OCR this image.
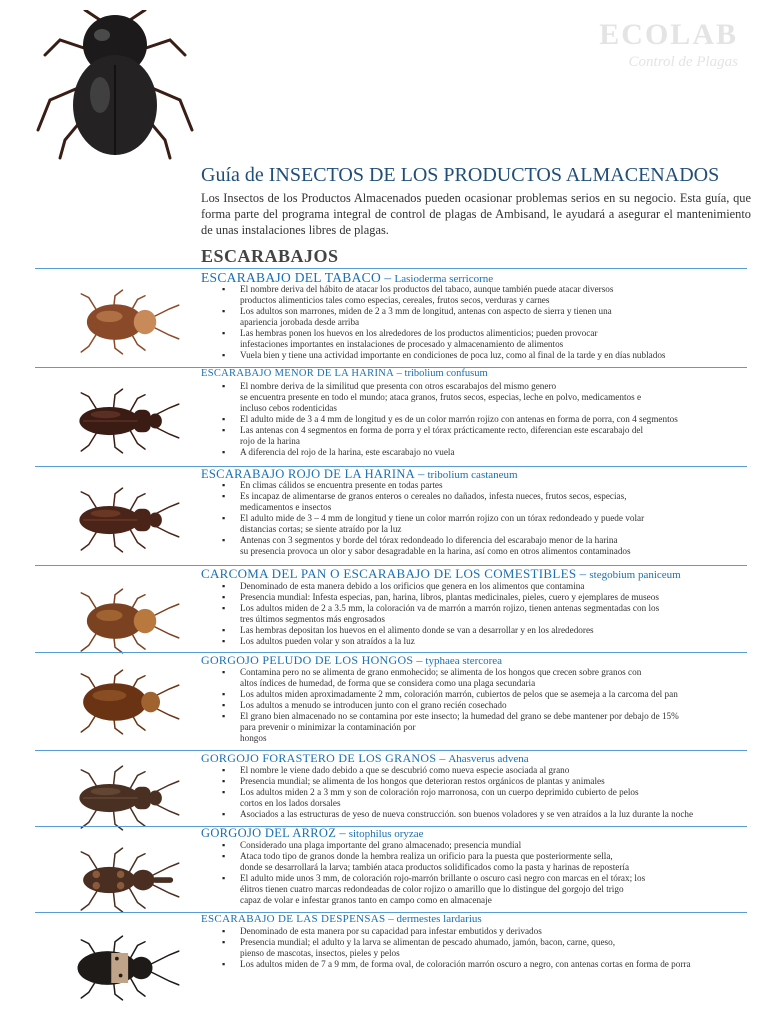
ECOLAB
Control de Plagas
Guía de INSECTOS DE LOS PRODUCTOS ALMACENADOS
Los Insectos de los Productos Almacenados pueden ocasionar problemas serios en su negocio. Esta guía, que forma parte del programa integral de control de plagas de Ambisand, le ayudará a asegurar el mantenimiento de unas instalaciones libres de plagas.
ESCARABAJOS
ESCARABAJO DEL TABACO – Lasioderma serricorne
▪ El nombre deriva del hábito de atacar los productos del tabaco, aunque también puede atacar diversos
productos alimenticios tales como especias, cereales, frutos secos, verduras y carnes
▪ Los adultos son marrones, miden de 2 a 3 mm de longitud, antenas con aspecto de sierra y tienen una
apariencia jorobada desde arriba
▪ Las hembras ponen los huevos en los alrededores de los productos alimenticios; pueden provocar
infestaciones importantes en instalaciones de procesado y almacenamiento de alimentos
▪ Vuela bien y tiene una actividad importante en condiciones de poca luz, como al final de la tarde y en días nublados
ESCARABAJO MENOR DE LA HARINA – tribolium confusum
▪ El nombre deriva de la similitud que presenta con otros escarabajos del mismo genero
se encuentra presente en todo el mundo; ataca granos, frutos secos, especias, leche en polvo, medicamentos e
incluso cebos rodenticidas
▪ El adulto mide de 3 a 4 mm de longitud y es de un color marrón rojizo con antenas en forma de porra, con 4 segmentos
▪ Las antenas con 4 segmentos en forma de porra y el tórax prácticamente recto, diferencian este escarabajo del
rojo de la harina
▪ A diferencia del rojo de la harina, este escarabajo no vuela
ESCARABAJO ROJO DE LA HARINA – tribolium castaneum
▪ En climas cálidos se encuentra presente en todas partes
▪ Es incapaz de alimentarse de granos enteros o cereales no dañados, infesta nueces, frutos secos, especias,
medicamentos e insectos
▪ El adulto mide de 3 – 4 mm de longitud y tiene un color marrón rojizo con un tórax redondeado y puede volar
distancias cortas; se siente atraído por la luz
▪ Antenas con 3 segmentos y borde del tórax redondeado lo diferencia del escarabajo menor de la harina
su presencia provoca un olor y sabor desagradable en la harina, así como en otros alimentos contaminados
CARCOMA DEL PAN O ESCARABAJO DE LOS COMESTIBLES – stegobium paniceum
▪ Denominado de esta manera debido a los orificios que genera en los alimentos que contamina
▪ Presencia mundial: Infesta especias, pan, harina, libros, plantas medicinales, pieles, cuero y ejemplares de museos
▪ Los adultos miden de 2 a 3.5 mm, la coloración va de marrón a marrón rojizo, tienen antenas segmentadas con los
tres últimos segmentos más engrosados
▪ Las hembras depositan los huevos en el alimento donde se van a desarrollar y en los alrededores
▪ Los adultos pueden volar y son atraídos a la luz
GORGOJO PELUDO DE LOS HONGOS – typhaea stercorea
▪ Contamina pero no se alimenta de grano enmohecido; se alimenta de los hongos que crecen sobre granos con
altos índices de humedad, de forma que se considera como una plaga secundaria
▪ Los adultos miden aproximadamente 2 mm, coloración marrón, cubiertos de pelos que se asemeja a la carcoma del pan
▪ Los adultos a menudo se introducen junto con el grano recién cosechado
▪ El grano bien almacenado no se contamina por este insecto; la humedad del grano se debe mantener por debajo de 15%
para prevenir o minimizar la contaminación por
hongos
GORGOJO FORASTERO DE LOS GRANOS – Ahasverus advena
▪ El nombre le viene dado debido a que se descubrió como nueva especie asociada al grano
▪ Presencia mundial; se alimenta de los hongos que deterioran restos orgánicos de plantas y animales
▪ Los adultos miden 2 a 3 mm y son de coloración rojo marronosa, con un cuerpo deprimido cubierto de pelos
cortos en los lados dorsales
▪ Asociados a las estructuras de yeso de nueva construcción. son buenos voladores y se ven atraídos a la luz durante la noche
GORGOJO DEL ARROZ – sitophilus oryzae
▪ Considerado una plaga importante del grano almacenado; presencia mundial
▪ Ataca todo tipo de granos donde la hembra realiza un orificio para la puesta que posteriormente sella,
donde se desarrollará la larva; también ataca productos solidificados como la pasta y harinas de repostería
▪ El adulto mide unos 3 mm, de coloración rojo-marrón brillante o oscuro casi negro con marcas en el tórax; los
élitros tienen cuatro marcas redondeadas de color rojizo o amarillo que lo distingue del gorgojo del trigo
capaz de volar e infestar granos tanto en campo como en almacenaje
ESCARABAJO DE LAS DESPENSAS – dermestes lardarius
▪ Denominado de esta manera por su capacidad para infestar embutidos y derivados
▪ Presencia mundial; el adulto y la larva se alimentan de pescado ahumado, jamón, bacon, carne, queso,
pienso de mascotas, insectos, pieles y pelos
▪ Los adultos miden de 7 a 9 mm, de forma oval, de coloración marrón oscuro a negro, con antenas cortas en forma de porra
